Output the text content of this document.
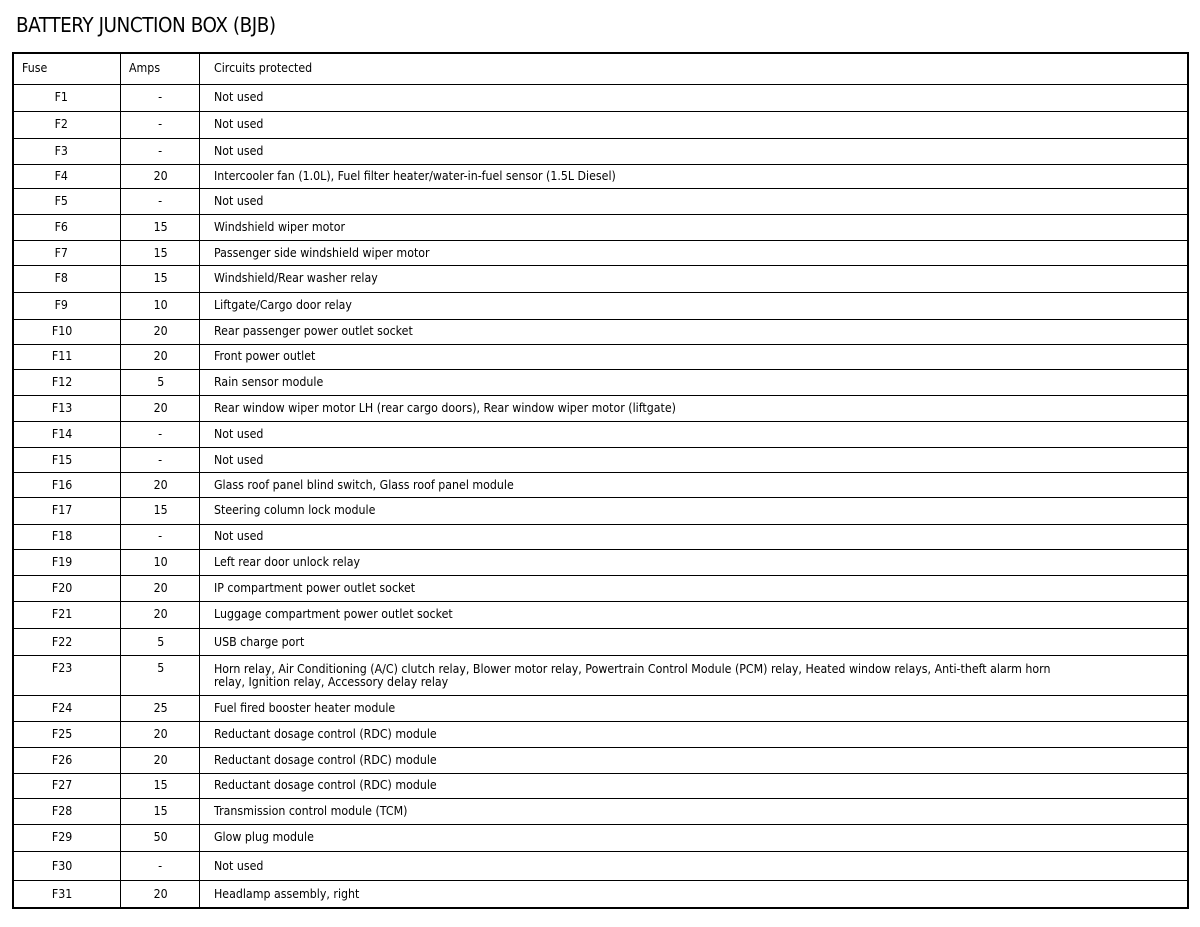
BATTERY JUNCTION BOX (BJB)
Fuse	Amps	Circuits protected
F1	-	Not used
F2	-	Not used
F3	-	Not used
F4	20	Intercooler fan (1.0L), Fuel filter heater/water-in-fuel sensor (1.5L Diesel)
F5	-	Not used
F6	15	Windshield wiper motor
F7	15	Passenger side windshield wiper motor
F8	15	Windshield/Rear washer relay
F9	10	Liftgate/Cargo door relay
F10	20	Rear passenger power outlet socket
F11	20	Front power outlet
F12	5	Rain sensor module
F13	20	Rear window wiper motor LH (rear cargo doors), Rear window wiper motor (liftgate)
F14	-	Not used
F15	-	Not used
F16	20	Glass roof panel blind switch, Glass roof panel module
F17	15	Steering column lock module
F18	-	Not used
F19	10	Left rear door unlock relay
F20	20	IP compartment power outlet socket
F21	20	Luggage compartment power outlet socket
F22	5	USB charge port
F23	5	Horn relay, Air Conditioning (A/C) clutch relay, Blower motor relay, Powertrain Control Module (PCM) relay, Heated window relays, Anti-theft alarm horn relay, Ignition relay, Accessory delay relay
F24	25	Fuel fired booster heater module
F25	20	Reductant dosage control (RDC) module
F26	20	Reductant dosage control (RDC) module
F27	15	Reductant dosage control (RDC) module
F28	15	Transmission control module (TCM)
F29	50	Glow plug module
F30	-	Not used
F31	20	Headlamp assembly, right
